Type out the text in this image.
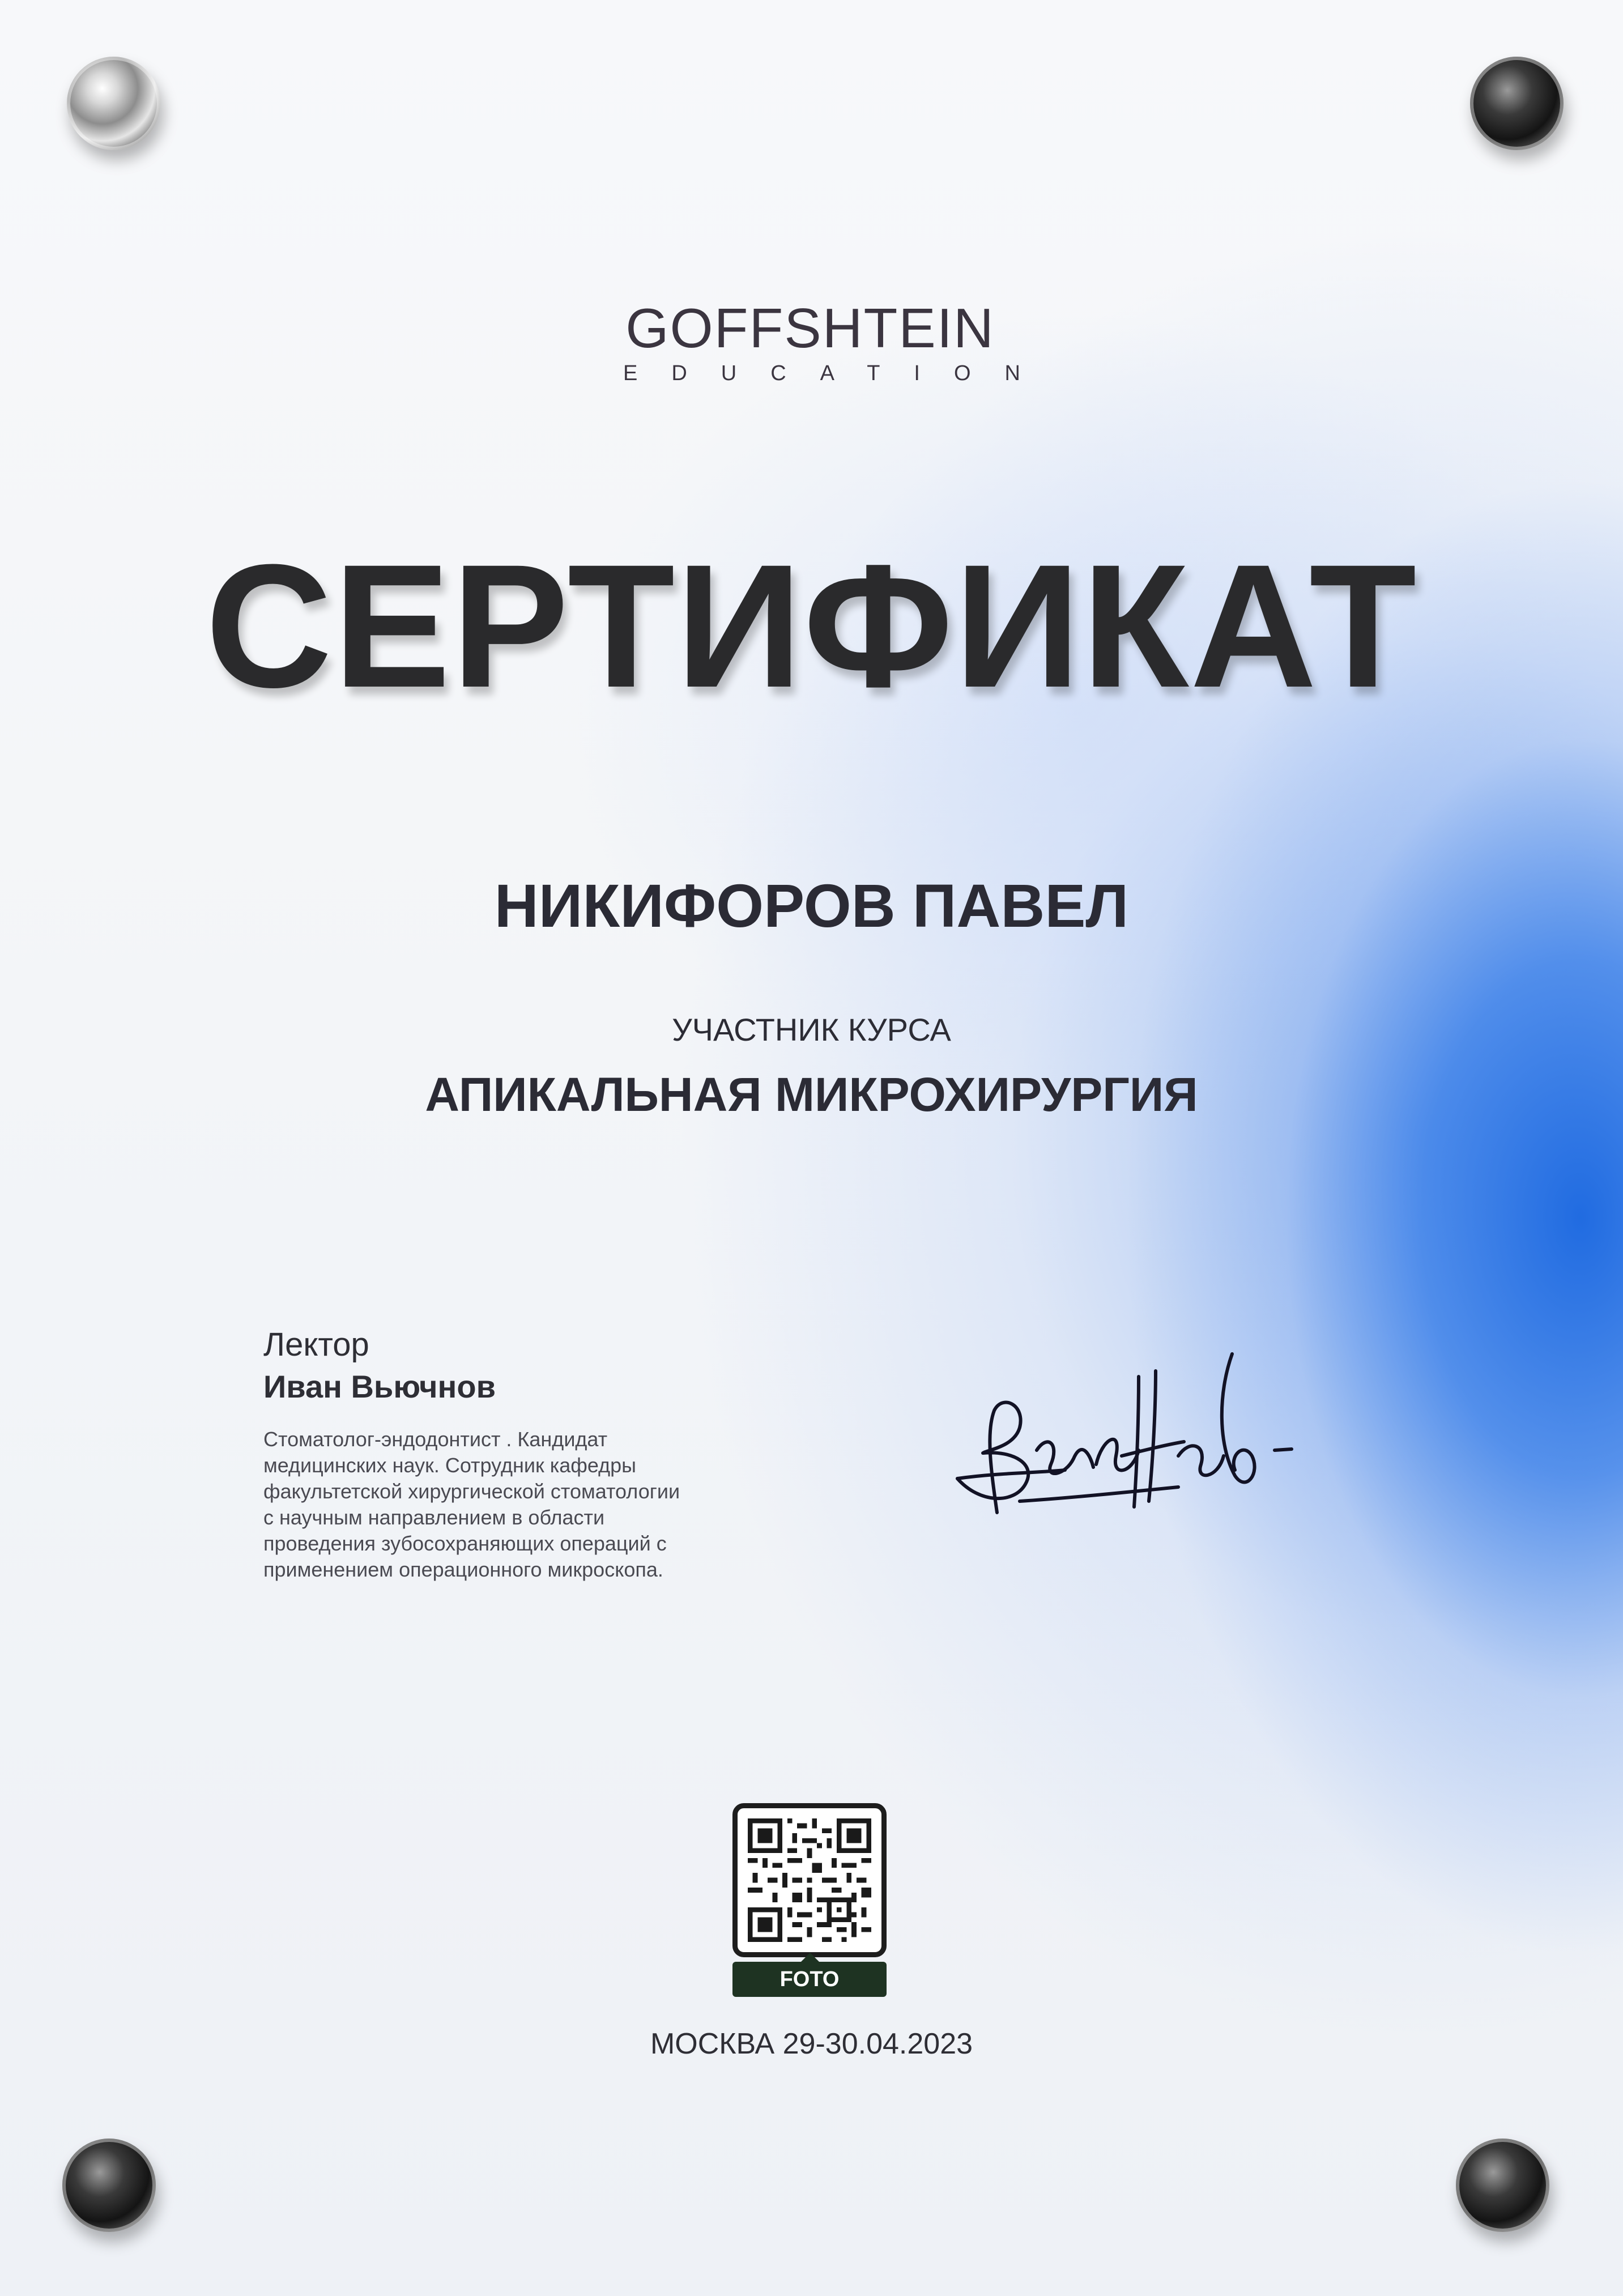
GOFFSHTEIN
EDUCATION
СЕРТИФИКАТ
НИКИФОРОВ ПАВЕЛ
УЧАСТНИК КУРСА
АПИКАЛЬНАЯ МИКРОХИРУРГИЯ
Лектор
Иван Вьючнов
Стоматолог-эндодонтист . Кандидат
медицинских наук. Сотрудник кафедры
факультетской хирургической стоматологии
с научным направлением в области
проведения зубосохраняющих операций с
применением операционного микроскопа.
FOTO
МОСКВА 29-30.04.2023
